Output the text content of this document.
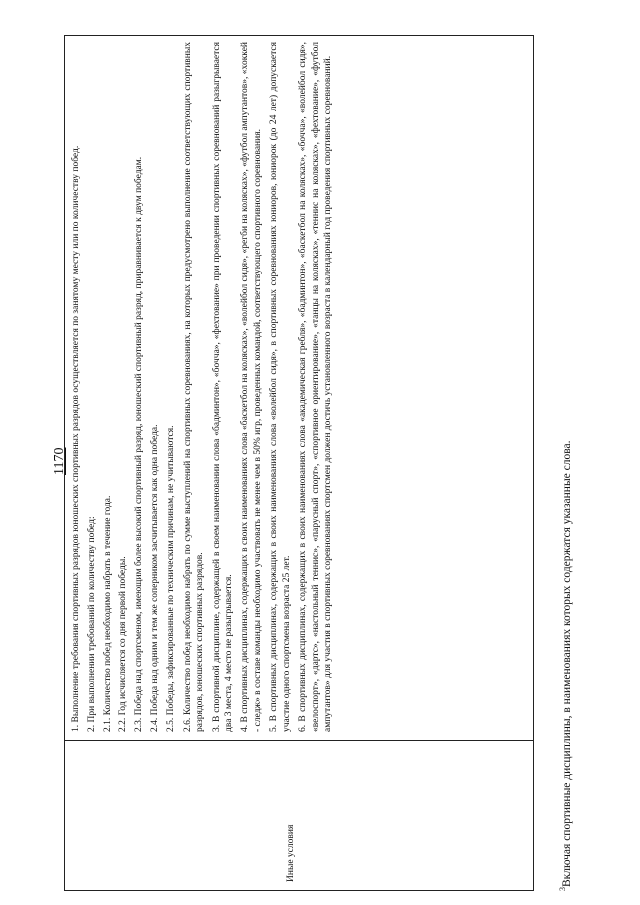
1170
Иные условия

1. Выполнение требования спортивных разрядов юношеских спортивных разрядов осуществляется по занятому месту или по количеству побед. 2. При выполнении требований по количеству побед: 2.1. Количество побед необходимо набрать в течение года. 2.2. Год исчисляется со дня первой победы. 2.3. Победа над спортсменом, имеющим более высокий спортивный разряд, юношеский спортивный разряд, приравнивается к двум победам. 2.4. Победа над одним и тем же соперником засчитывается как одна победа. 2.5. Победы, зафиксированные по техническим причинам, не учитываются. 2.6. Количество побед необходимо набрать по сумме выступлений на спортивных соревнованиях, на которых предусмотрено выполнение соответствующих спортивных разрядов, юношеских спортивных разрядов. 3. В спортивной дисциплине, содержащей в своем наименовании слова «бадминтон», «бочча», «фехтование» при проведении спортивных соревнований разыгрывается два 3 места, 4 место не разыгрывается. 4. В спортивных дисциплинах, содержащих в своих наименованиях слова «баскетбол на колясках», «волейбол сидя», «регби на колясках», «футбол ампутантов», «хоккей - следж» в составе команды необходимо участвовать не менее чем в 50% игр, проведенных командой, соответствующего спортивного соревнования. 5. В спортивных дисциплинах, содержащих в своих наименованиях слова «волейбол сидя», в спортивных соревнованиях юниоров, юниорок (до 24 лет) допускается участие одного спортсмена возраста 25 лет. 6. В спортивных дисциплинах, содержащих в своих наименованиях слова «академическая гребля», «бадминтон», «баскетбол на колясках», «бочча», «волейбол сидя», «велоспорт», «дартс», «настольный теннис», «парусный спорт», «спортивное ориентирование», «танцы на колясках», «теннис на колясках», «фехтование», «футбол ампутантов» для участия в спортивных соревнованиях спортсмен должен достичь установленного возраста в календарный год проведения спортивных соревнований.

$^3$Включая спортивные дисциплины, в наименованиях которых содержатся указанные слова.
